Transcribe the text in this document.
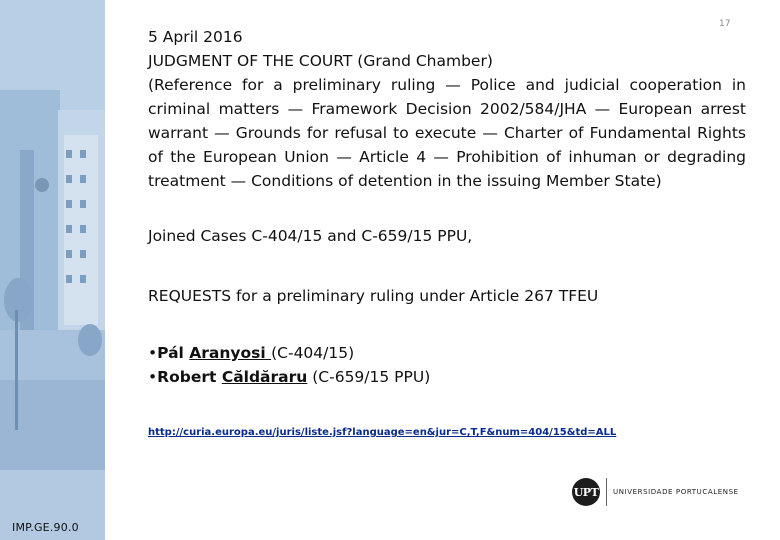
17

5 April 2016

JUDGMENT OF THE COURT (Grand Chamber)

(Reference for a preliminary ruling — Police and judicial cooperation in criminal matters — Framework Decision 2002/584/JHA — European arrest warrant — Grounds for refusal to execute — Charter of Fundamental Rights of the European Union — Article 4 — Prohibition of inhuman or degrading treatment — Conditions of detention in the issuing Member State)

Joined Cases C‑404/15 and C‑659/15 PPU,

REQUESTS for a preliminary ruling under Article 267 TFEU

•Pál Aranyosi (C‑404/15)

•Robert Căldăraru (C‑659/15 PPU)

http://curia.europa.eu/juris/liste.jsf?language=en&jur=C,T,F&num=404/15&td=ALL
UPT	UNIVERSIDADE PORTUCALENSE
IMP.GE.90.0
